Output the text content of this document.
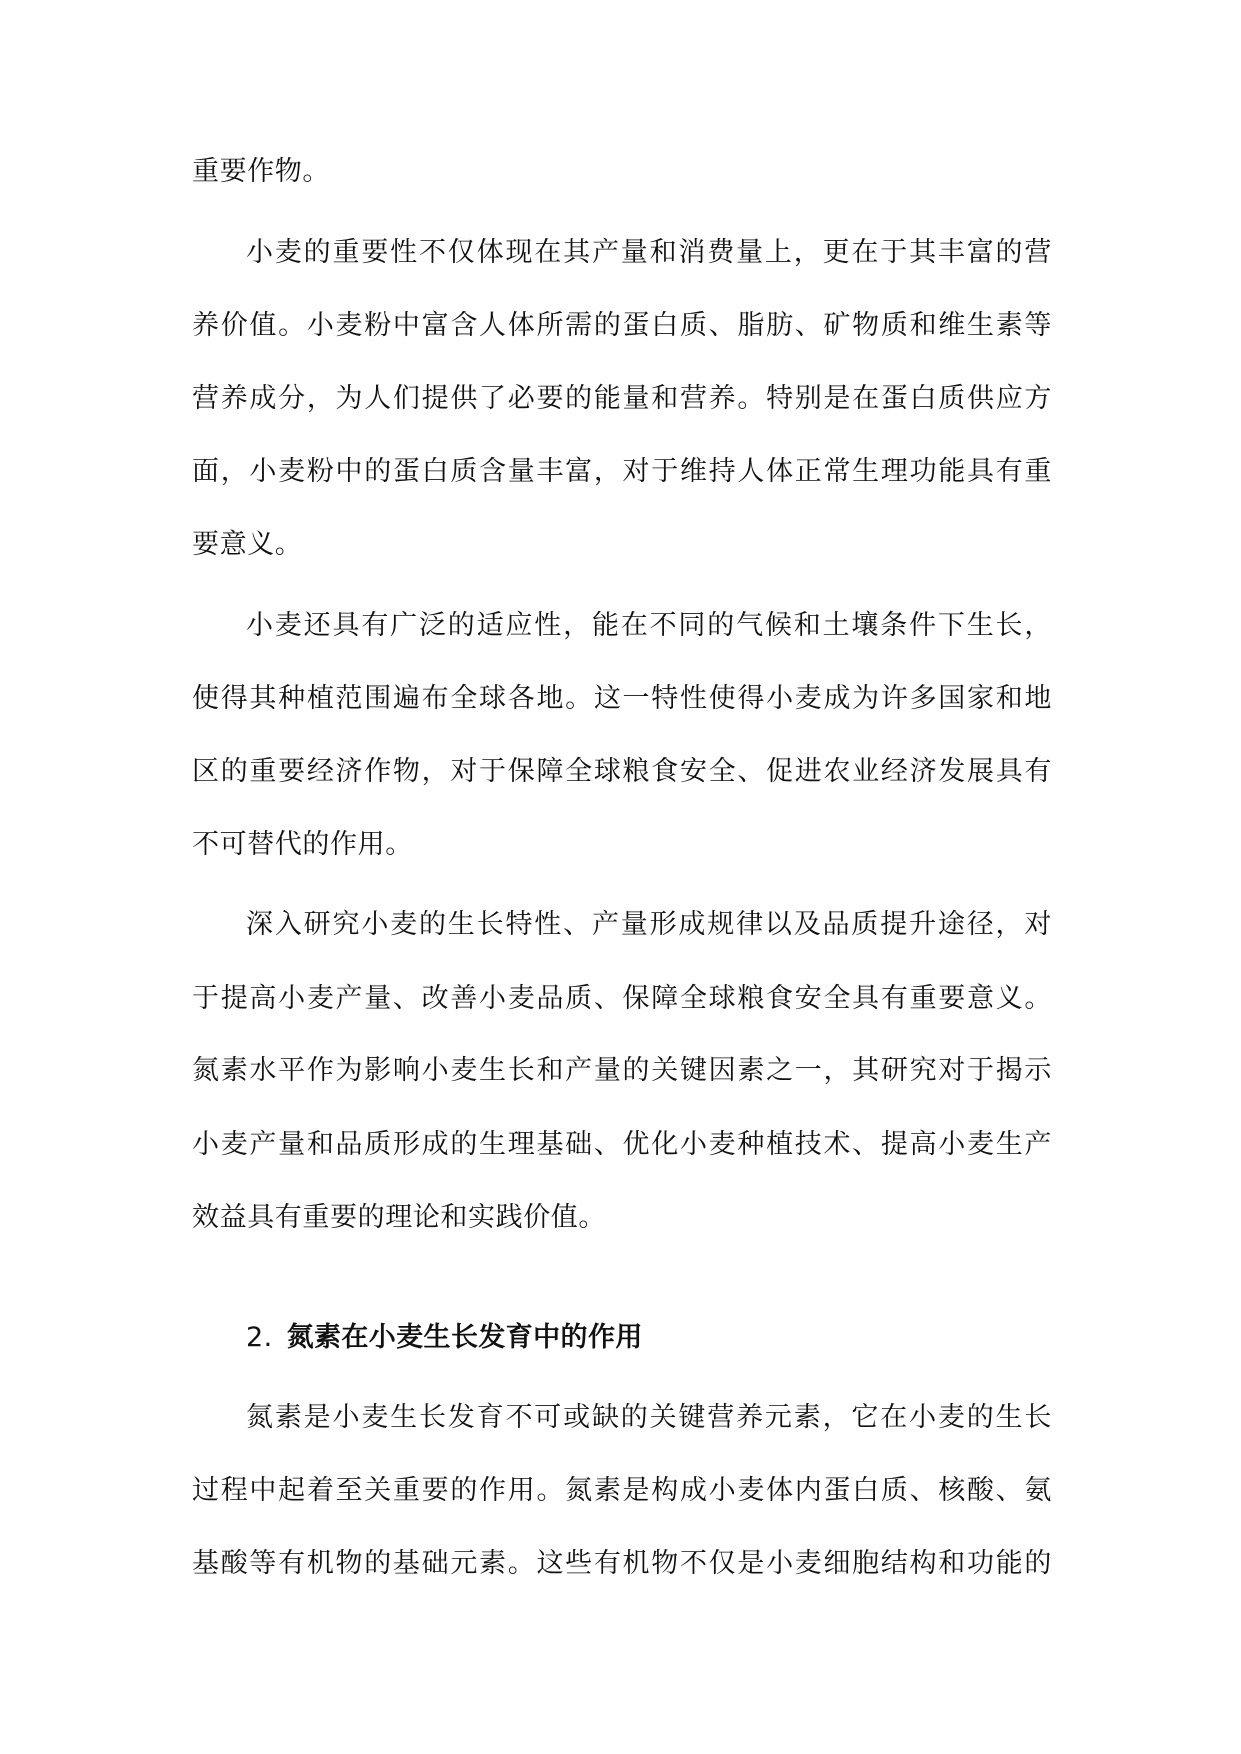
重要作物。
小麦的重要性不仅体现在其产量和消费量上，更在于其丰富的营
养价值。小麦粉中富含人体所需的蛋白质、脂肪、矿物质和维生素等
营养成分，为人们提供了必要的能量和营养。特别是在蛋白质供应方
面，小麦粉中的蛋白质含量丰富，对于维持人体正常生理功能具有重
要意义。
小麦还具有广泛的适应性，能在不同的气候和土壤条件下生长，
使得其种植范围遍布全球各地。这一特性使得小麦成为许多国家和地
区的重要经济作物，对于保障全球粮食安全、促进农业经济发展具有
不可替代的作用。
深入研究小麦的生长特性、产量形成规律以及品质提升途径，对
于提高小麦产量、改善小麦品质、保障全球粮食安全具有重要意义。
氮素水平作为影响小麦生长和产量的关键因素之一，其研究对于揭示
小麦产量和品质形成的生理基础、优化小麦种植技术、提高小麦生产
效益具有重要的理论和实践价值。
2. 氮素在小麦生长发育中的作用
氮素是小麦生长发育不可或缺的关键营养元素，它在小麦的生长
过程中起着至关重要的作用。氮素是构成小麦体内蛋白质、核酸、氨
基酸等有机物的基础元素。这些有机物不仅是小麦细胞结构和功能的
